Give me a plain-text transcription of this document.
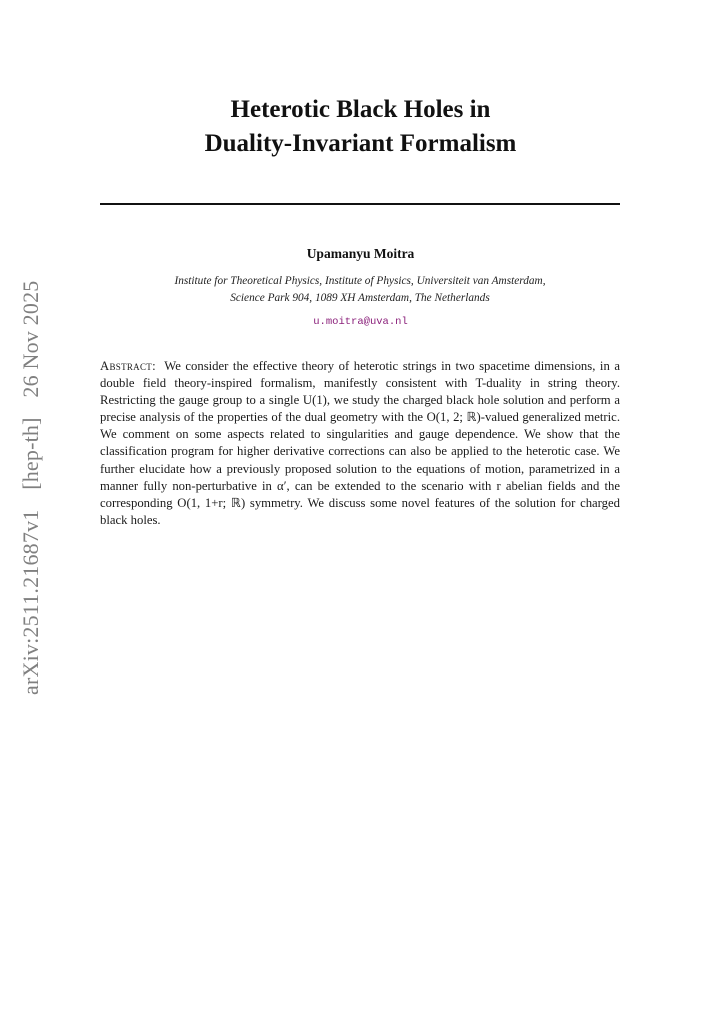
arXiv:2511.21687v1 [hep-th] 26 Nov 2025
Heterotic Black Holes in
Duality-Invariant Formalism
Upamanyu Moitra
Institute for Theoretical Physics, Institute of Physics, Universiteit van Amsterdam,
Science Park 904, 1089 XH Amsterdam, The Netherlands
u.moitra@uva.nl
Abstract: We consider the effective theory of heterotic strings in two spacetime dimensions, in a double field theory-inspired formalism, manifestly consistent with T-duality in string theory. Restricting the gauge group to a single U(1), we study the charged black hole solution and perform a precise analysis of the properties of the dual geometry with the O(1, 2; ℝ)-valued generalized metric. We comment on some aspects related to singularities and gauge dependence. We show that the classification program for higher derivative corrections can also be applied to the heterotic case. We further elucidate how a previously proposed solution to the equations of motion, parametrized in a manner fully non-perturbative in α′, can be extended to the scenario with r abelian fields and the corresponding O(1, 1+r; ℝ) symmetry. We discuss some novel features of the solution for charged black holes.
